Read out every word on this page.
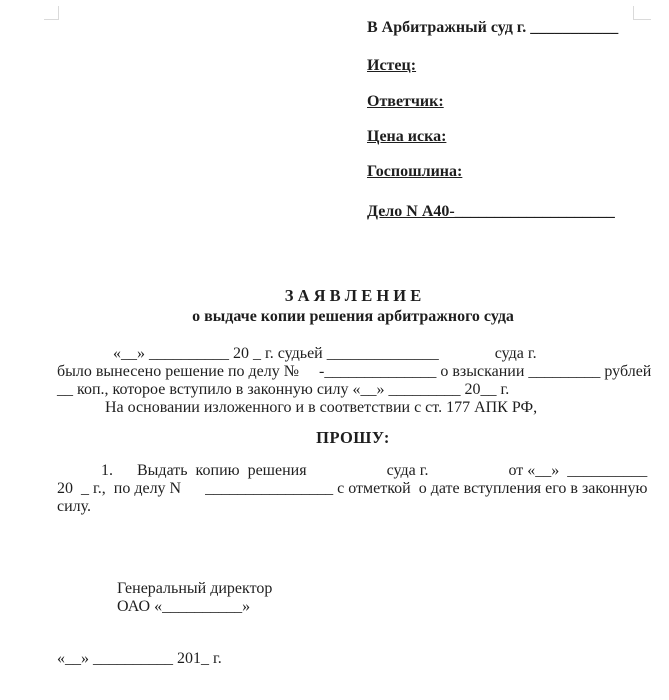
В Арбитражный суд г. ___________
Истец:
Ответчик:
Цена иска:
Госпошлина:
Дело N А40-____________________
З А Я В Л Е Н И Е
о выдаче копии решения арбитражного суда
«__» __________ 20 _ г. судьей ______________              суда г.
было вынесено решение по делу №     -______________ о взыскании _________ рублей
__ коп., которое вступило в законную силу «__» _________ 20__ г.
На основании изложенного и в соответствии с ст. 177 АПК РФ,
ПРОШУ:
1.      Выдать  копию  решения                    суда г.                    от «__»  __________
20  _ г.,  по делу N      ________________ с отметкой  о дате вступления его в законную
силу.
Генеральный директор
ОАО «__________»
«__» __________ 201_ г.
